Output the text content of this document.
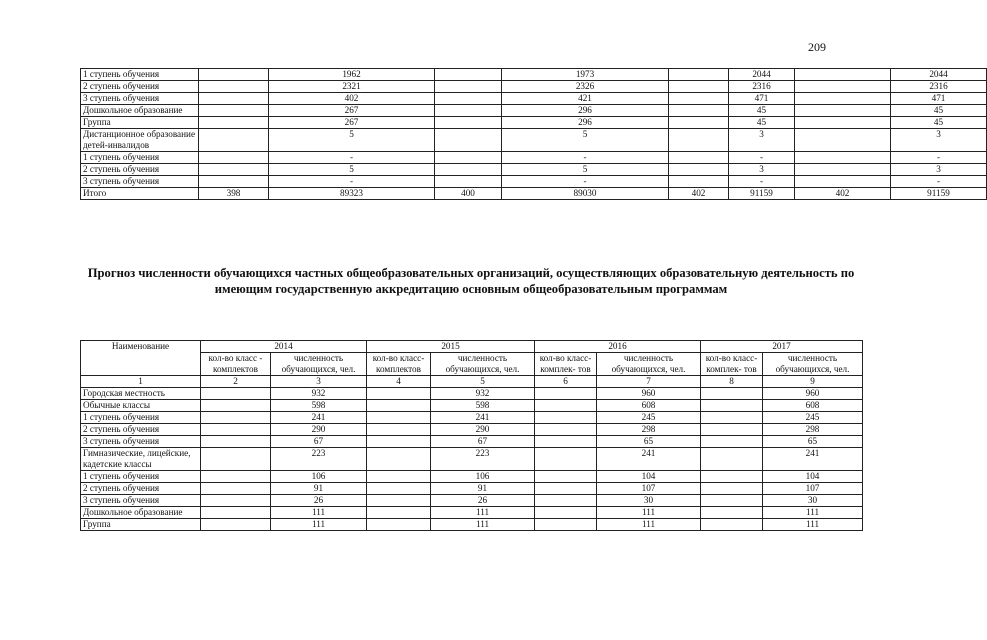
209
1 ступень обучения		1962		1973		2044		2044
2 ступень обучения		2321		2326		2316		2316
3 ступень обучения		402		421		471		471
Дошкольное образование		267		296		45		45
Группа		267		296		45		45
Дистанционное образование детей-инвалидов		5		5		3		3
1 ступень обучения		-		-		-		-
2 ступень обучения		5		5		3		3
3 ступень обучения		-		-		-		-
Итого	398	89323	400	89030	402	91159	402	91159
Прогноз численности обучающихся частных общеобразовательных организаций, осуществляющих образовательную деятельность по имеющим государственную аккредитацию основным общеобразовательным программам
Наименование	2014		2015		2016		2017	
	кол-во класс - комплектов	численность обучающихся, чел.	кол-во класс- комплектов	численность обучающихся, чел.	кол-во класс- комплек- тов	численность обучающихся, чел.	кол-во класс- комплек- тов	численность обучающихся, чел.
1	2	3	4	5	6	7	8	9
Городская местность		932		932		960		960
Обычные классы		598		598		608		608
1 ступень обучения		241		241		245		245
2 ступень обучения		290		290		298		298
3 ступень обучения		67		67		65		65
Гимназические, лицейские, кадетские классы		223		223		241		241
1 ступень обучения		106		106		104		104
2 ступень обучения		91		91		107		107
3 ступень обучения		26		26		30		30
Дошкольное образование		111		111		111		111
Группа		111		111		111		111
